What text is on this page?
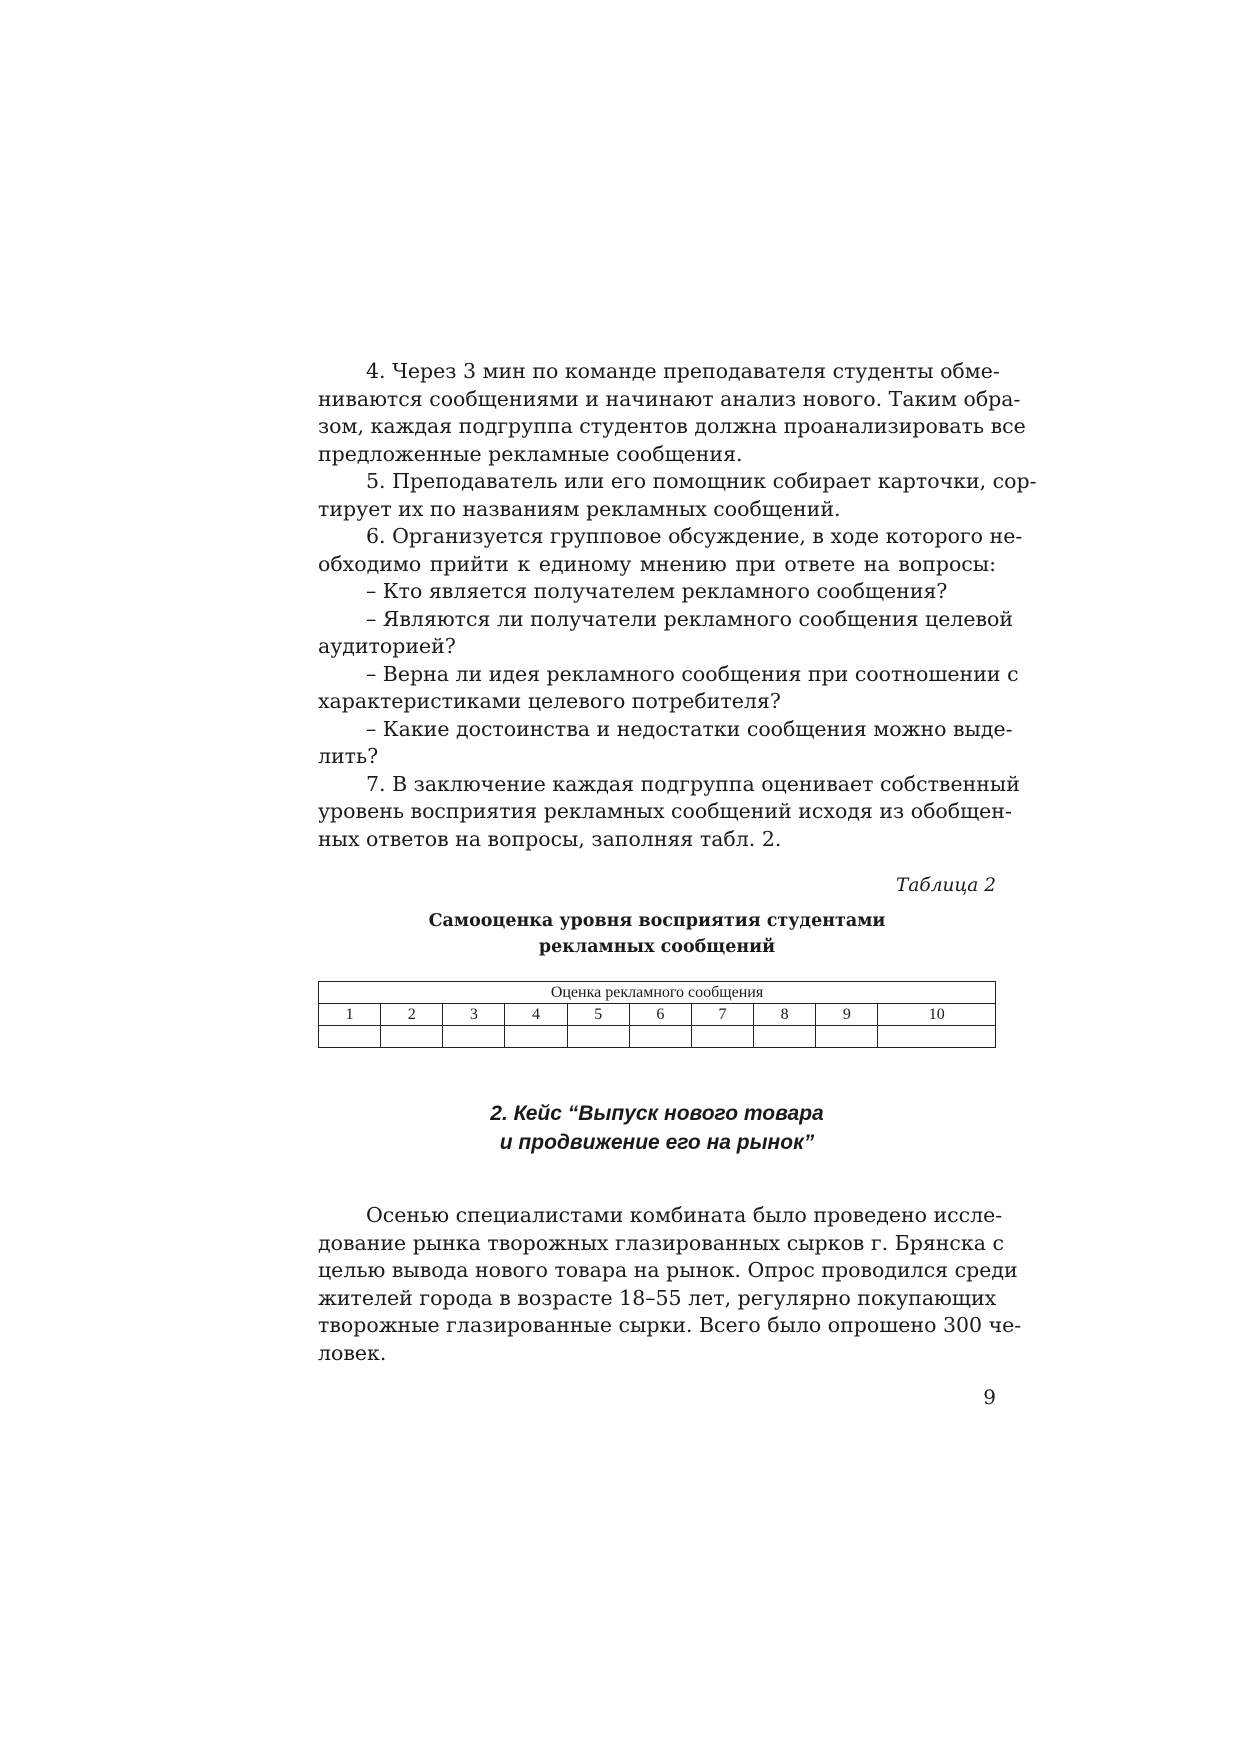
4. Через 3 мин по команде преподавателя студенты обме-
ниваются сообщениями и начинают анализ нового. Таким обра-
зом, каждая подгруппа студентов должна проанализировать все
предложенные рекламные сообщения.
5. Преподаватель или его помощник собирает карточки, сор-
тирует их по названиям рекламных сообщений.
6. Организуется групповое обсуждение, в ходе которого не-
обходимо прийти к единому мнению при ответе на вопросы:
– Кто является получателем рекламного сообщения?
– Являются ли получатели рекламного сообщения целевой
аудиторией?
– Верна ли идея рекламного сообщения при соотношении с
характеристиками целевого потребителя?
– Какие достоинства и недостатки сообщения можно выде-
лить?
7. В заключение каждая подгруппа оценивает собственный
уровень восприятия рекламных сообщений исходя из обобщен-
ных ответов на вопросы, заполняя табл. 2.
Таблица 2
Самооценка уровня восприятия студентами
рекламных сообщений
Оценка рекламного сообщения									
1	2	3	4	5	6	7	8	9	10

2. Кейс “Выпуск нового товара
и продвижение его на рынок”
Осенью специалистами комбината было проведено иссле-
дование рынка творожных глазированных сырков г. Брянска с
целью вывода нового товара на рынок. Опрос проводился среди
жителей города в возрасте 18–55 лет, регулярно покупающих
творожные глазированные сырки. Всего было опрошено 300 че-
ловек.
9
